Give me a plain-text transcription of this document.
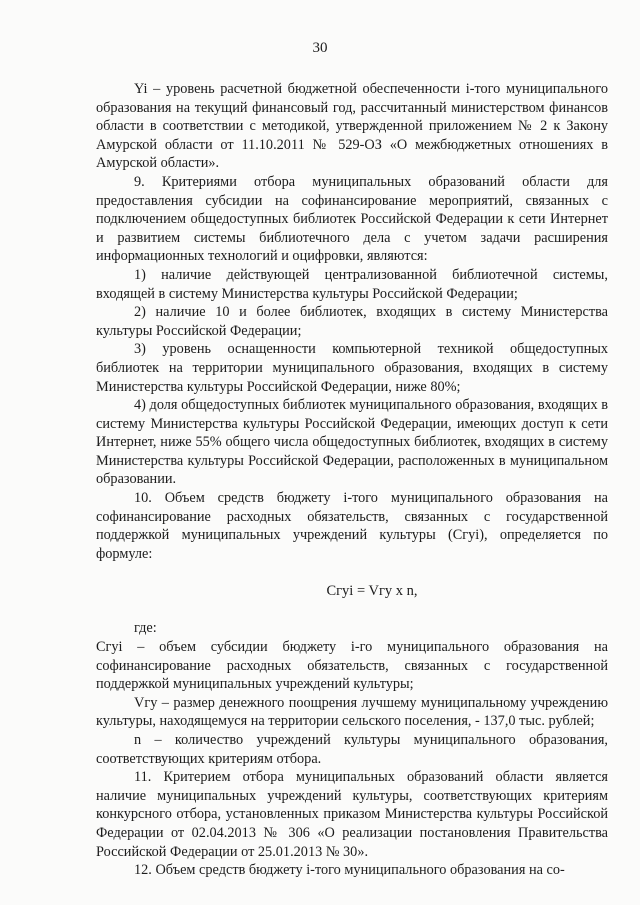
30

Yi – уровень расчетной бюджетной обеспеченности i-того муниципального образования на текущий финансовый год, рассчитанный министерством финансов области в соответствии с методикой, утвержденной приложением № 2 к Закону Амурской области от 11.10.2011 № 529-ОЗ «О межбюджетных отношениях в Амурской области».

9. Критериями отбора муниципальных образований области для предоставления субсидии на софинансирование мероприятий, связанных с подключением общедоступных библиотек Российской Федерации к сети Интернет и развитием системы библиотечного дела с учетом задачи расширения информационных технологий и оцифровки, являются:

1) наличие действующей централизованной библиотечной системы, входящей в систему Министерства культуры Российской Федерации;

2) наличие 10 и более библиотек, входящих в систему Министерства культуры Российской Федерации;

3) уровень оснащенности компьютерной техникой общедоступных библиотек на территории муниципального образования, входящих в систему Министерства культуры Российской Федерации, ниже 80%;

4) доля общедоступных библиотек муниципального образования, входящих в систему Министерства культуры Российской Федерации, имеющих доступ к сети Интернет, ниже 55% общего числа общедоступных библиотек, входящих в систему Министерства культуры Российской Федерации, расположенных в муниципальном образовании.

10. Объем средств бюджету i-того муниципального образования на софинансирование расходных обязательств, связанных с государственной поддержкой муниципальных учреждений культуры (Сгуi), определяется по формуле:

Сгуi = Vгу x n,

где:

Сгуi – объем субсидии бюджету i-го муниципального образования на софинансирование расходных обязательств, связанных с государственной поддержкой муниципальных учреждений культуры;

Vгу – размер денежного поощрения лучшему муниципальному учреждению культуры, находящемуся на территории сельского поселения, - 137,0 тыс. рублей;

n – количество учреждений культуры муниципального образования, соответствующих критериям отбора.

11. Критерием отбора муниципальных образований области является наличие муниципальных учреждений культуры, соответствующих критериям конкурсного отбора, установленных приказом Министерства культуры Российской Федерации от 02.04.2013 № 306 «О реализации постановления Правительства Российской Федерации от 25.01.2013 № 30».

12. Объем средств бюджету i-того муниципального образования на со-
